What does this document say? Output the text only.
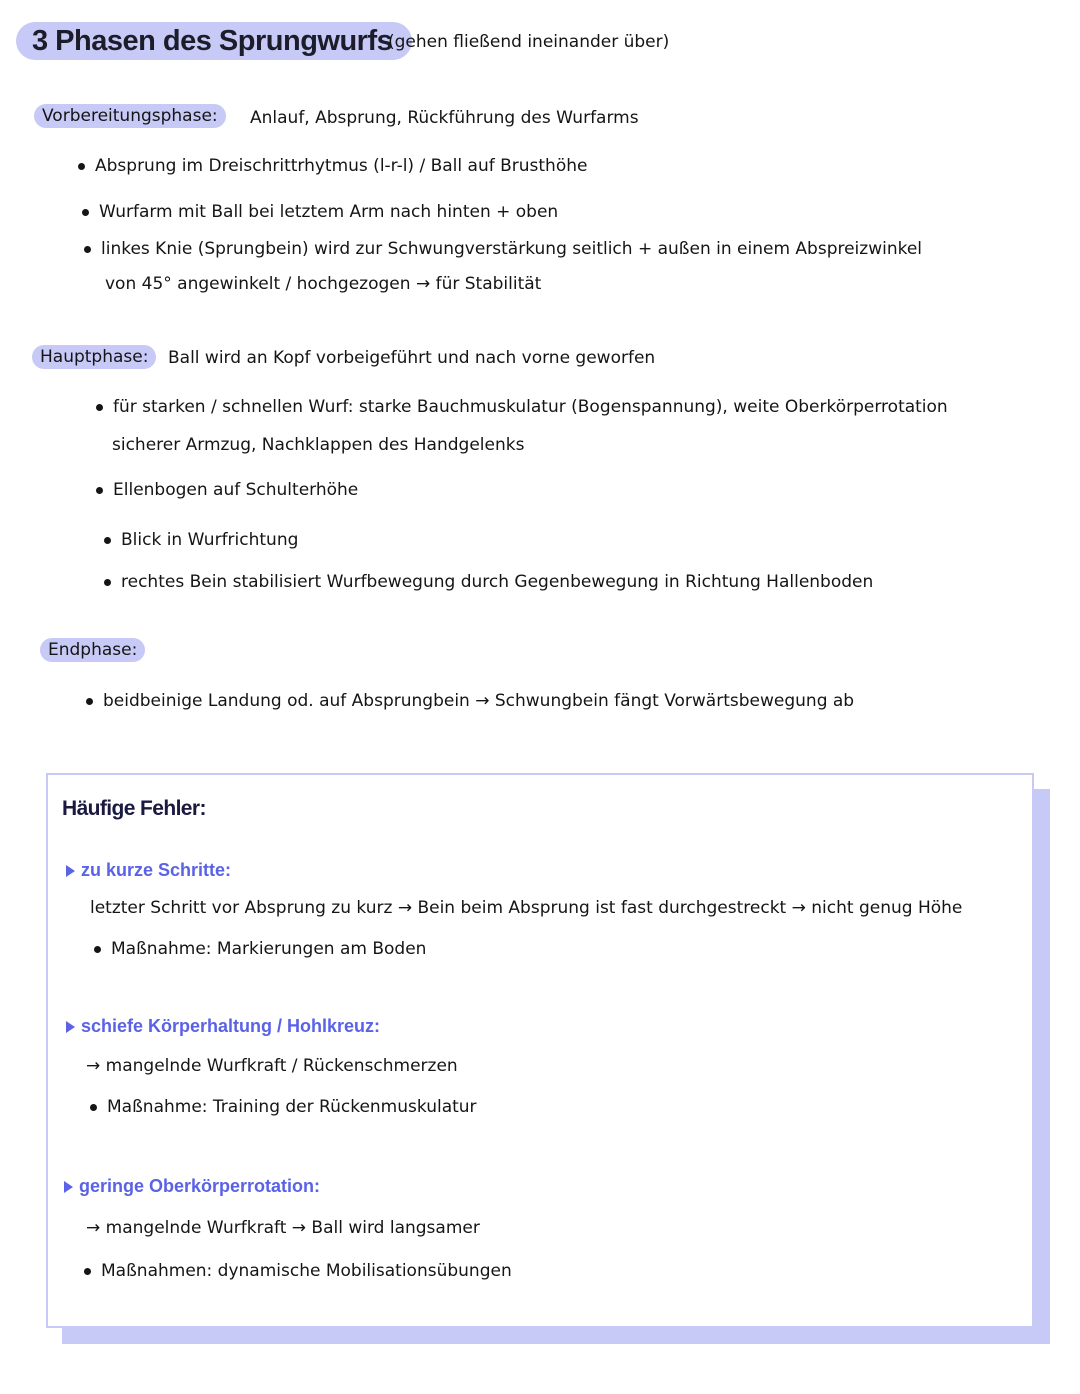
3 Phasen des Sprungwurfs
(gehen fließend ineinander über)
Vorbereitungsphase:	Anlauf, Absprung, Rückführung des Wurfarms
Absprung im Dreischrittrhytmus (l-r-l) / Ball auf Brusthöhe
Wurfarm mit Ball bei letztem Arm nach hinten + oben
linkes Knie (Sprungbein) wird zur Schwungverstärkung seitlich + außen in einem Abspreizwinkel
von 45° angewinkelt / hochgezogen → für Stabilität
Hauptphase:	Ball wird an Kopf vorbeigeführt und nach vorne geworfen
für starken / schnellen Wurf: starke Bauchmuskulatur (Bogenspannung), weite Oberkörperrotation
sicherer Armzug, Nachklappen des Handgelenks
Ellenbogen auf Schulterhöhe
Blick in Wurfrichtung
rechtes Bein stabilisiert Wurfbewegung durch Gegenbewegung in Richtung Hallenboden
Endphase:
beidbeinige Landung od. auf Absprungbein → Schwungbein fängt Vorwärtsbewegung ab
Häufige Fehler:
zu kurze Schritte:
letzter Schritt vor Absprung zu kurz → Bein beim Absprung ist fast durchgestreckt → nicht genug Höhe
Maßnahme: Markierungen am Boden
schiefe Körperhaltung / Hohlkreuz:
→ mangelnde Wurfkraft / Rückenschmerzen
Maßnahme: Training der Rückenmuskulatur
geringe Oberkörperrotation:
→ mangelnde Wurfkraft → Ball wird langsamer
Maßnahmen: dynamische Mobilisationsübungen
